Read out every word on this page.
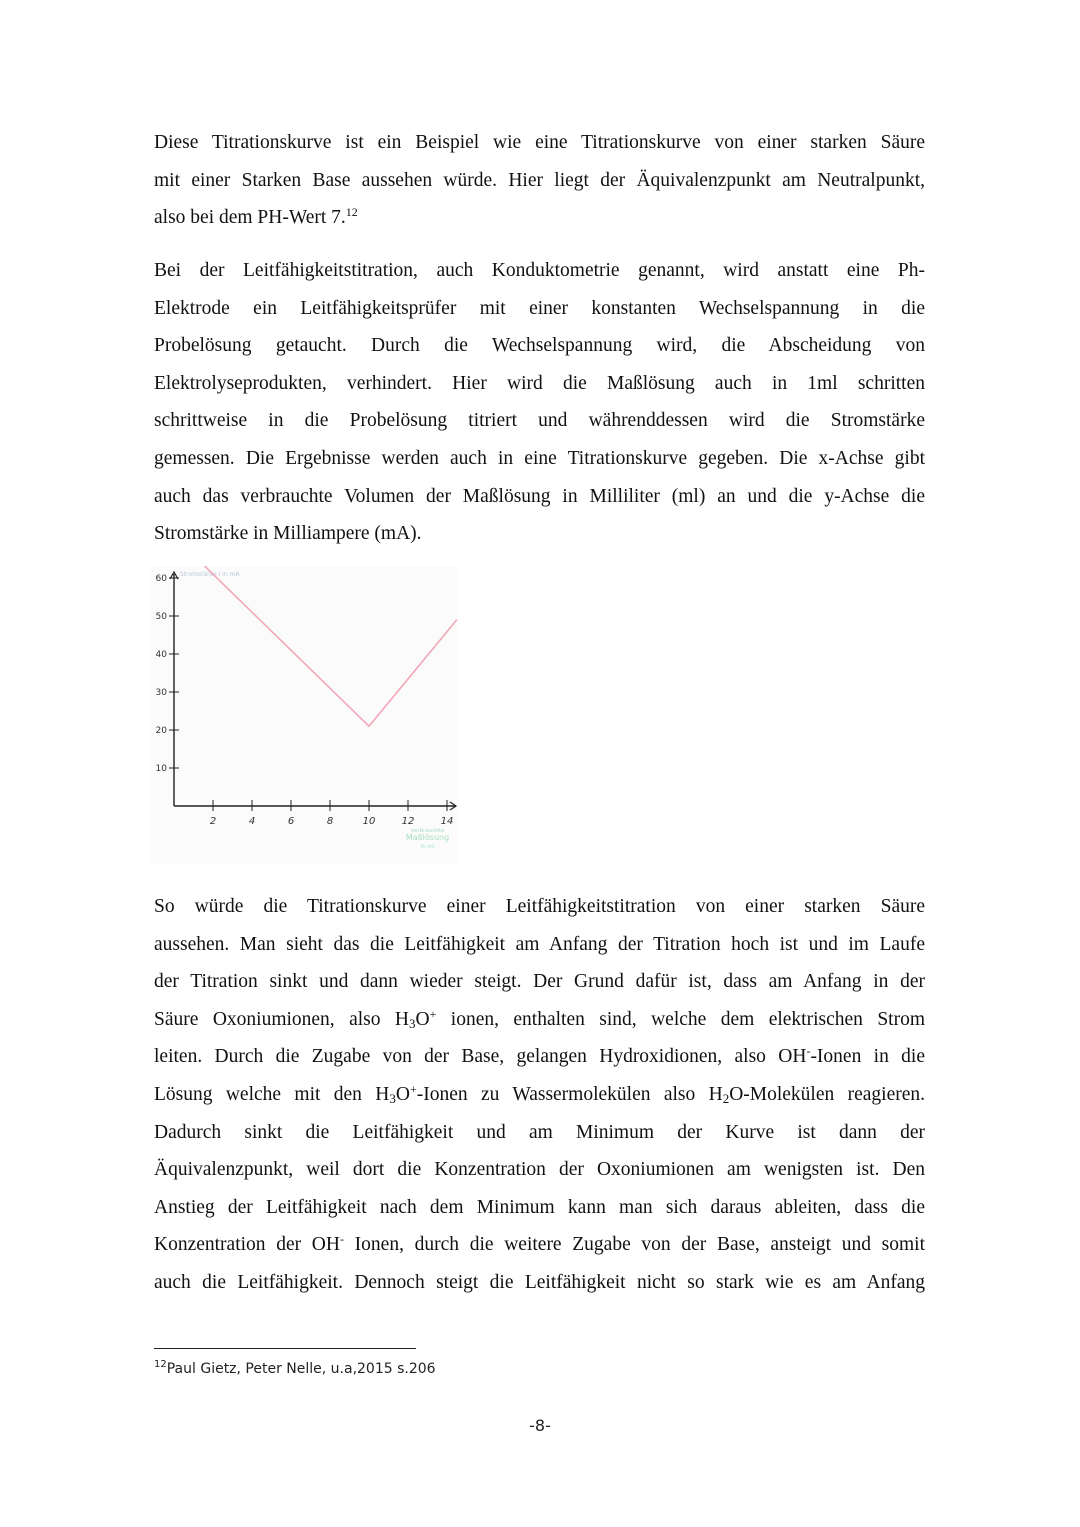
Diese Titrationskurve ist ein Beispiel wie eine Titrationskurve von einer starken Säure
mit einer Starken Base aussehen würde. Hier liegt der Äquivalenzpunkt am Neutralpunkt,
also bei dem PH-Wert 7.12
Bei der Leitfähigkeitstitration, auch Konduktometrie genannt, wird anstatt eine Ph-
Elektrode ein Leitfähigkeitsprüfer mit einer konstanten Wechselspannung in die
Probelösung getaucht. Durch die Wechselspannung wird, die Abscheidung von
Elektrolyseprodukten, verhindert. Hier wird die Maßlösung auch in 1ml schritten
schrittweise in die Probelösung titriert und währenddessen wird die Stromstärke
gemessen. Die Ergebnisse werden auch in eine Titrationskurve gegeben. Die x-Achse gibt
auch das verbrauchte Volumen der Maßlösung in Milliliter (ml) an und die y-Achse die
Stromstärke in Milliampere (mA).
10
20
30
40
50
60
2	4	6	8	10	12	14
Stromstärke I in mA
verbrauchte
Maßlösung
in ml
So würde die Titrationskurve einer Leitfähigkeitstitration von einer starken Säure
aussehen. Man sieht das die Leitfähigkeit am Anfang der Titration hoch ist und im Laufe
der Titration sinkt und dann wieder steigt. Der Grund dafür ist, dass am Anfang in der
Säure Oxoniumionen, also $H_3O^+$ ionen, enthalten sind, welche dem elektrischen Strom
leiten. Durch die Zugabe von der Base, gelangen Hydroxidionen, also OH--Ionen in die
Lösung welche mit den $H_3O^+$-Ionen zu Wassermolekülen also $H_2O$-Molekülen reagieren.
Dadurch sinkt die Leitfähigkeit und am Minimum der Kurve ist dann der
Äquivalenzpunkt, weil dort die Konzentration der Oxoniumionen am wenigsten ist. Den
Anstieg der Leitfähigkeit nach dem Minimum kann man sich daraus ableiten, dass die
Konzentration der OH- Ionen, durch die weitere Zugabe von der Base, ansteigt und somit
auch die Leitfähigkeit. Dennoch steigt die Leitfähigkeit nicht so stark wie es am Anfang
$^{12}$Paul Gietz, Peter Nelle, u.a,2015 s.206
-8-
